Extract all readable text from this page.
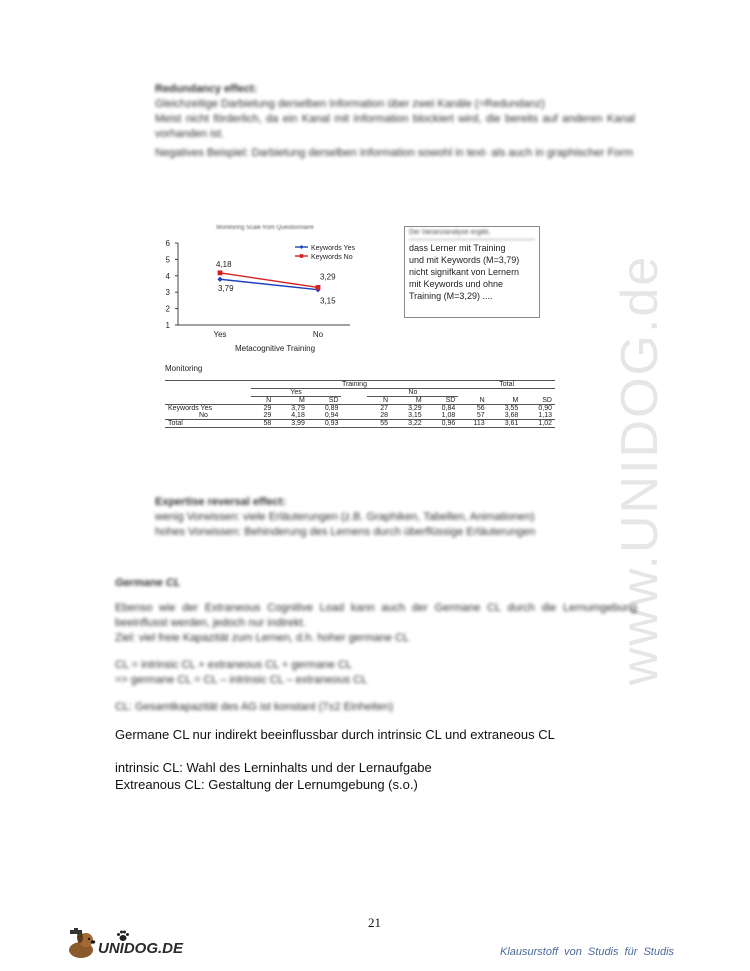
www.UNIDOG.de
Redundancy effect:
Gleichzeitige Darbietung derselben Information über zwei Kanäle (=Redundanz)
Meist nicht förderlich, da ein Kanal mit Information blockiert wird, die bereits auf anderen Kanal vorhanden ist.
Negatives Beispiel: Darbietung derselben Information sowohl in text- als auch in graphischer Form
Monitoring Scale from Questionnaire
1
2
3
4
5
6
Yes	No
3,79
3,15
4,18
3,29
Keywords Yes
Keywords No
Metacognitive Training
Die Varianzanalyse ergibt,
dass Lerner mit Training
und mit Keywords (M=3,79)
nicht signifkant von Lernern
mit Keywords und ohne
Training (M=3,29) ....
Monitoring
	Training							Total		
	Yes				No					
	N	M	SD		N	M	SD	N	M	SD
Keywords Yes	29	3,79	0,89		27	3,29	0,84	56	3,55	0,90
No	29	4,18	0,94		28	3,15	1,08	57	3,68	1,13
Total	58	3,99	0,93		55	3,22	0,96	113	3,61	1,02
Expertise reversal effect:
wenig Vorwissen: viele Erläuterungen (z.B. Graphiken, Tabellen, Animationen)
hohes Vorwissen: Behinderung des Lernens durch überflüssige Erläuterungen
Germane CL
Ebenso wie der Extraneous Cognitive Load kann auch der Germane CL durch die Lernumgebung beeinflusst werden, jedoch nur indirekt.
Ziel: viel freie Kapazität zum Lernen, d.h. hoher germane CL
CL = intrinsic CL + extraneous CL + germane CL
=> germane CL = CL – intrinsic CL – extraneous CL
CL: Gesamtkapazität des AG ist konstant (7±2 Einheiten)
Germane CL nur indirekt beeinflussbar durch intrinsic CL und extraneous CL
intrinsic CL: Wahl des Lerninhalts und der Lernaufgabe
Extreanous CL: Gestaltung der Lernumgebung (s.o.)
21
UNIDOG.DE	Klausurstoff von Studis für Studis
